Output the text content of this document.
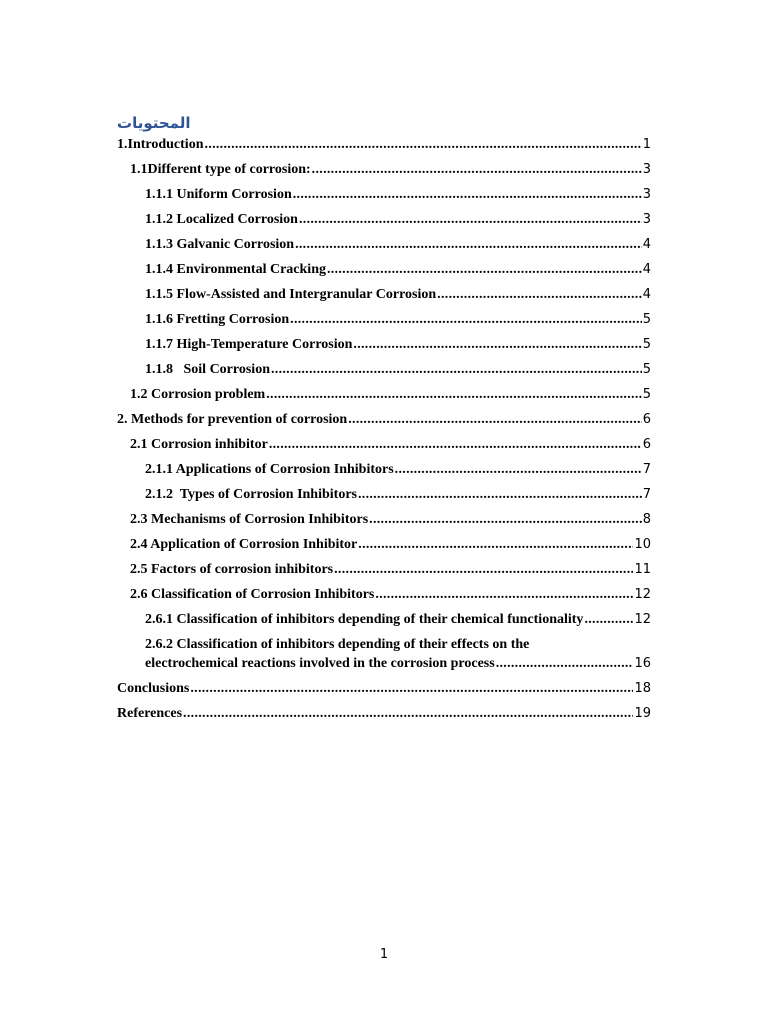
المحتويات
1.Introduction .....	1
1.1Different type of corrosion: .....	3
1.1.1 Uniform Corrosion .....	3
1.1.2 Localized Corrosion .....	3
1.1.3 Galvanic Corrosion .....	4
1.1.4 Environmental Cracking .....	4
1.1.5 Flow-Assisted and Intergranular Corrosion .....	4
1.1.6 Fretting Corrosion .....	5
1.1.7 High-Temperature Corrosion .....	5
1.1.8   Soil Corrosion .....	5
1.2 Corrosion problem .....	5
2. Methods for prevention of corrosion .....	6
2.1 Corrosion inhibitor .....	6
2.1.1 Applications of Corrosion Inhibitors .....	7
2.1.2  Types of Corrosion Inhibitors .....	7
2.3 Mechanisms of Corrosion Inhibitors .....	8
2.4 Application of Corrosion Inhibitor .....	10
2.5 Factors of corrosion inhibitors .....	11
2.6 Classification of Corrosion Inhibitors .....	12
2.6.1 Classification of inhibitors depending of their chemical functionality .....	12
2.6.2 Classification of inhibitors depending of their effects on the
electrochemical reactions involved in the corrosion process .....	16
Conclusions .....	18
References .....	19
1
